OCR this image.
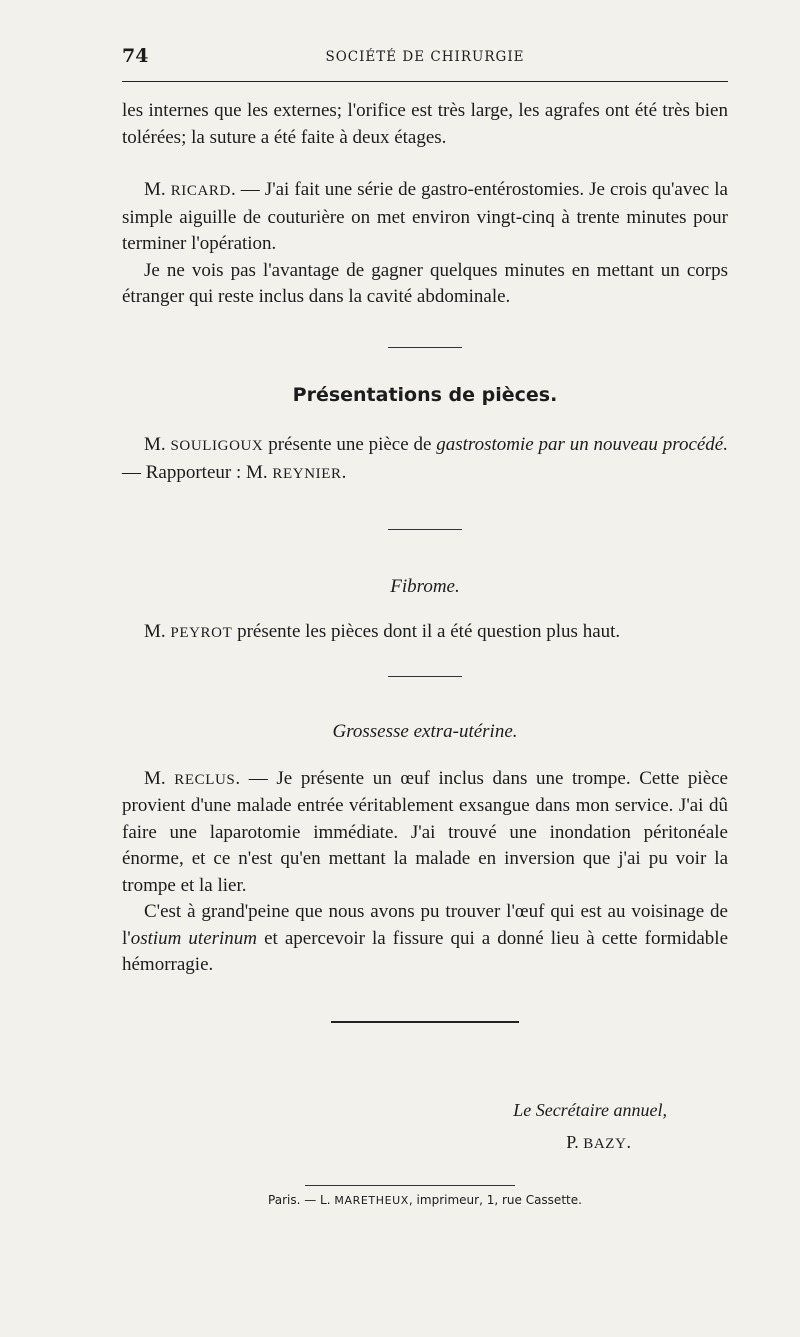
74	SOCIÉTÉ DE CHIRURGIE

les internes que les externes; l'orifice est très large, les agrafes ont été très bien tolérées; la suture a été faite à deux étages.

M. RICARD. — J'ai fait une série de gastro-entérostomies. Je crois qu'avec la simple aiguille de couturière on met environ vingt-cinq à trente minutes pour terminer l'opération.

Je ne vois pas l'avantage de gagner quelques minutes en mettant un corps étranger qui reste inclus dans la cavité abdominale.

Présentations de pièces.

M. SOULIGOUX présente une pièce de gastrostomie par un nouveau procédé. — Rapporteur : M. REYNIER.

Fibrome.

M. PEYROT présente les pièces dont il a été question plus haut.

Grossesse extra-utérine.

M. RECLUS. — Je présente un œuf inclus dans une trompe. Cette pièce provient d'une malade entrée véritablement exsangue dans mon service. J'ai dû faire une laparotomie immédiate. J'ai trouvé une inondation péritonéale énorme, et ce n'est qu'en mettant la malade en inversion que j'ai pu voir la trompe et la lier.

C'est à grand'peine que nous avons pu trouver l'œuf qui est au voisinage de l'ostium uterinum et apercevoir la fissure qui a donné lieu à cette formidable hémorragie.

Le Secrétaire annuel,
P. BAZY.
Paris. — L. MARETHEUX, imprimeur, 1, rue Cassette.
